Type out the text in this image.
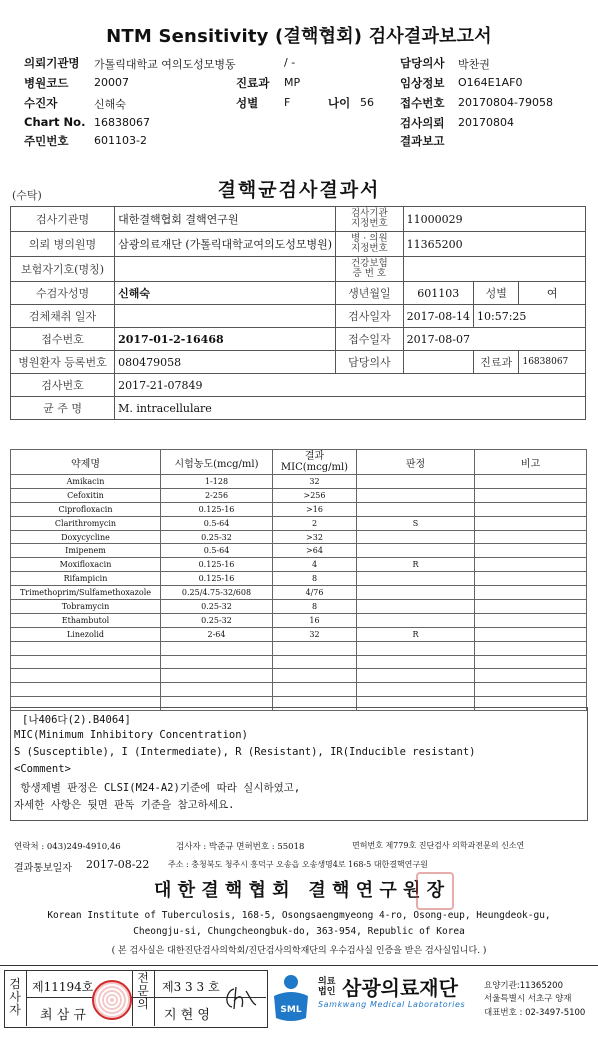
NTM Sensitivity (결핵협회) 검사결과보고서
의뢰기관명 가톨릭대학교 여의도성모병동
병원코드 20007
수진자	신해숙
Chart No. 16838067
주민번호 601103-2
/ -
진료과 MP
성별 F	나이 56
담당의사 박찬권
임상정보 O164E1AF0
접수번호 20170804-79058
검사의뢰 20170804
결과보고
(수탁)	결핵균검사결과서
검사기관명	대한결핵협회 결핵연구원	검사기관
지정번호	11000029		
의뢰 병의원명	삼광의료재단 (가톨릭대학교여의도성모병원)	병 · 의원
지정번호	11365200		
보험자기호(명칭)		건강보험
증 번 호			
수검자성명	신해숙	생년월일	601103	성별	여
검체채취 일자		검사일자	2017-08-14	10:57:25	
접수번호	2017-01-2-16468	접수일자	2017-08-07		
병원환자 등록번호	080479058	담당의사		진료과	16838067
검사번호	2017-21-07849				
균 주 명	M. intracellulare				
약제명	시험농도(mcg/ml)	결과
MIC(mcg/ml)	판정	비고
Amikacin	1-128	32		
Cefoxitin	2-256	>256		
Ciprofloxacin	0.125-16	>16		
Clarithromycin	0.5-64	2	S	
Doxycycline	0.25-32	>32		
Imipenem	0.5-64	>64		
Moxifloxacin	0.125-16	4	R	
Rifampicin	0.125-16	8		
Trimethoprim/Sulfamethoxazole	0.25/4.75-32/608	4/76		
Tobramycin	0.25-32	8		
Ethambutol	0.25-32	16		
Linezolid	2-64	32	R	

[나406다(2).B4064]
MIC(Minimum Inhibitory Concentration)
S (Susceptible), I (Intermediate), R (Resistant), IR(Inducible resistant)
<Comment>
항생제별 판정은 CLSI(M24-A2)기준에 따라 실시하였고,
자세한 사항은 뒷면 판독 기준을 참고하세요.
연락처 : 043)249-4910,46	검사자 : 박준규 면허번호 : 55018	면허번호 제779호 진단검사 의학과전문의 신소연
결과통보일자 2017-08-22 주소 : 충청북도 청주시 흥덕구 오송읍 오송생명4로 168-5 대한결핵연구원
대 한 결 핵 협 회   결 핵 연 구 원 장
Korean Institute of Tuberculosis, 168-5, Osongsaengmyeong 4-ro, Osong-eup, Heungdeok-gu,
Cheongju-si, Chungcheongbuk-do, 363-954, Republic of Korea
( 본 검사실은 대한진단검사의학회/진단검사의학재단의 우수검사실 인증을 받은 검사실입니다. )
검사자
제11194호
최 삼 규
전문의
제3 3 3 호
지 현 영	SML
의료
법인 삼광의료재단
Samkwang Medical Laboratories
요양기관:11365200
서울특별시 서초구 양재
대표번호 : 02-3497-5100
